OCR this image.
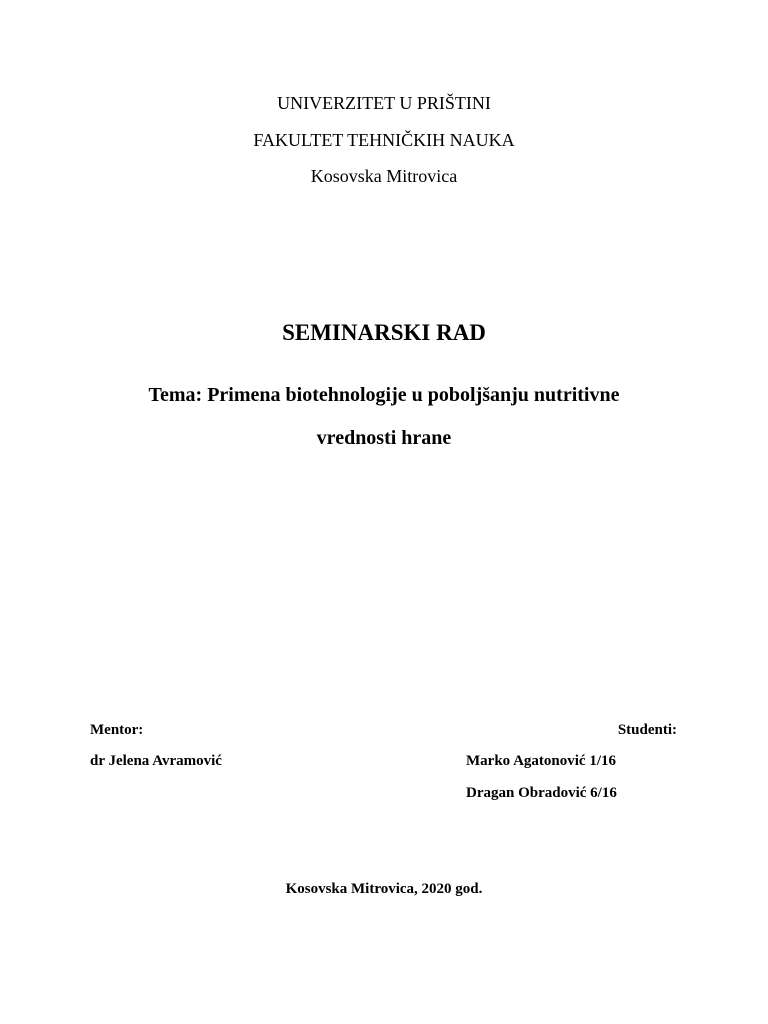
UNIVERZITET U PRIŠTINI
FAKULTET TEHNIČKIH NAUKA
Kosovska Mitrovica
SEMINARSKI RAD
Tema: Primena biotehnologije u poboljšanju nutritivne
vrednosti hrane
Mentor:
dr Jelena Avramović
Studenti:
Marko Agatonović 1/16
Dragan Obradović 6/16
Kosovska Mitrovica, 2020 god.
